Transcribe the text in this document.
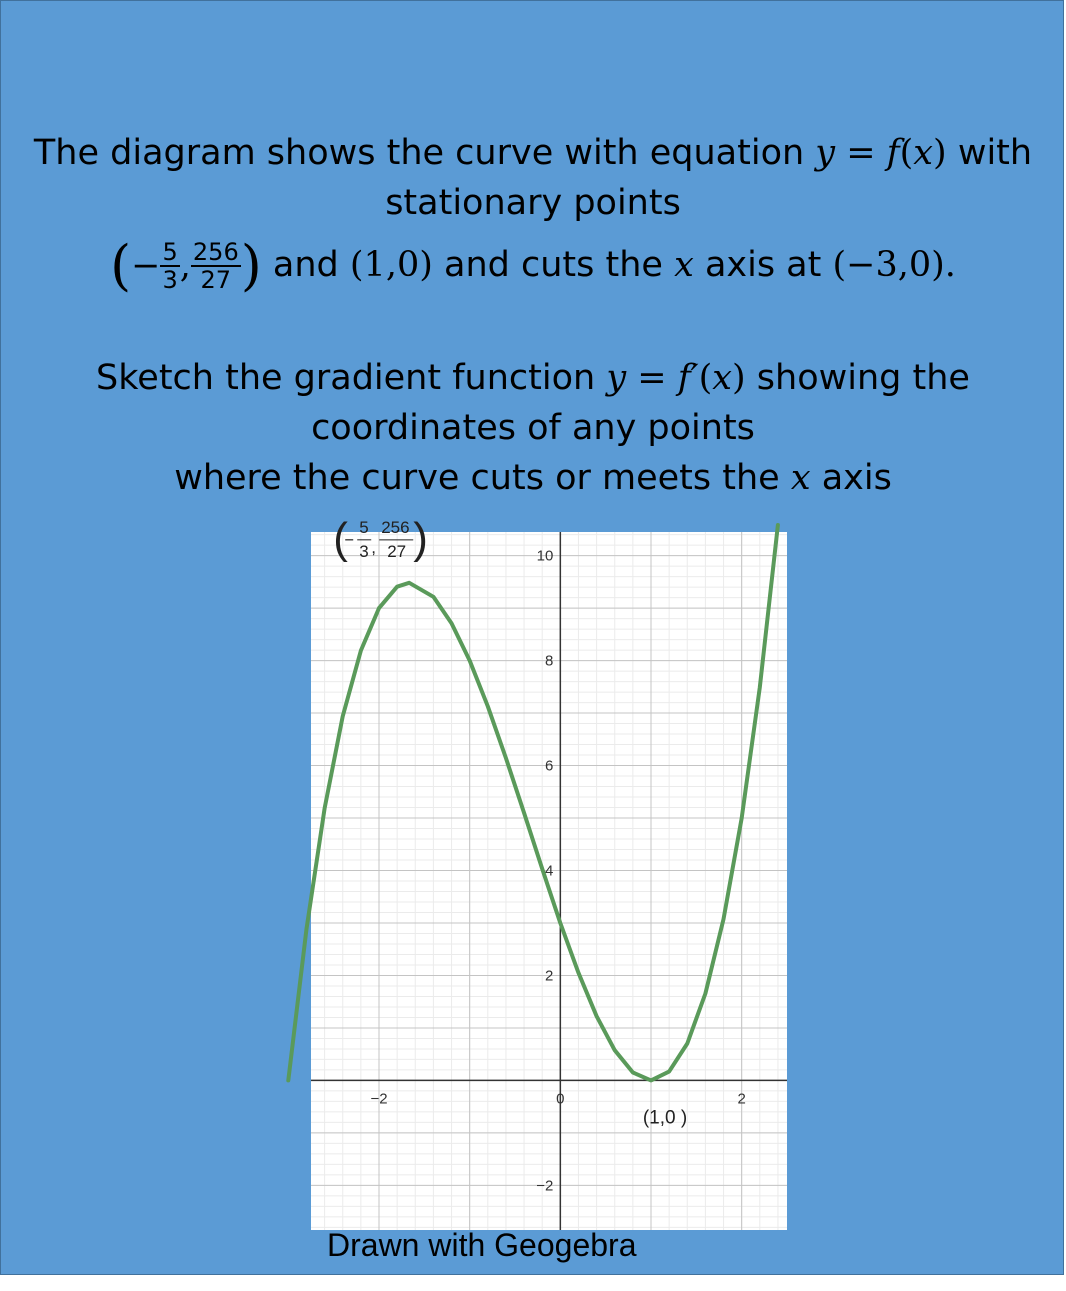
The diagram shows the curve with equation y = f(x) with
stationary points
(− $\frac{5}{3}$ , $\frac{256}{27}$ ) and (1,0) and cuts the x axis at (−3,0).
Sketch the gradient function y = f′(x) showing the
coordinates of any points
where the curve cuts or meets the x axis
−2	0	2
−2
2
4
6
8
10
( 5
3 ,
256
27 )
(1,0 )
Drawn with Geogebra
